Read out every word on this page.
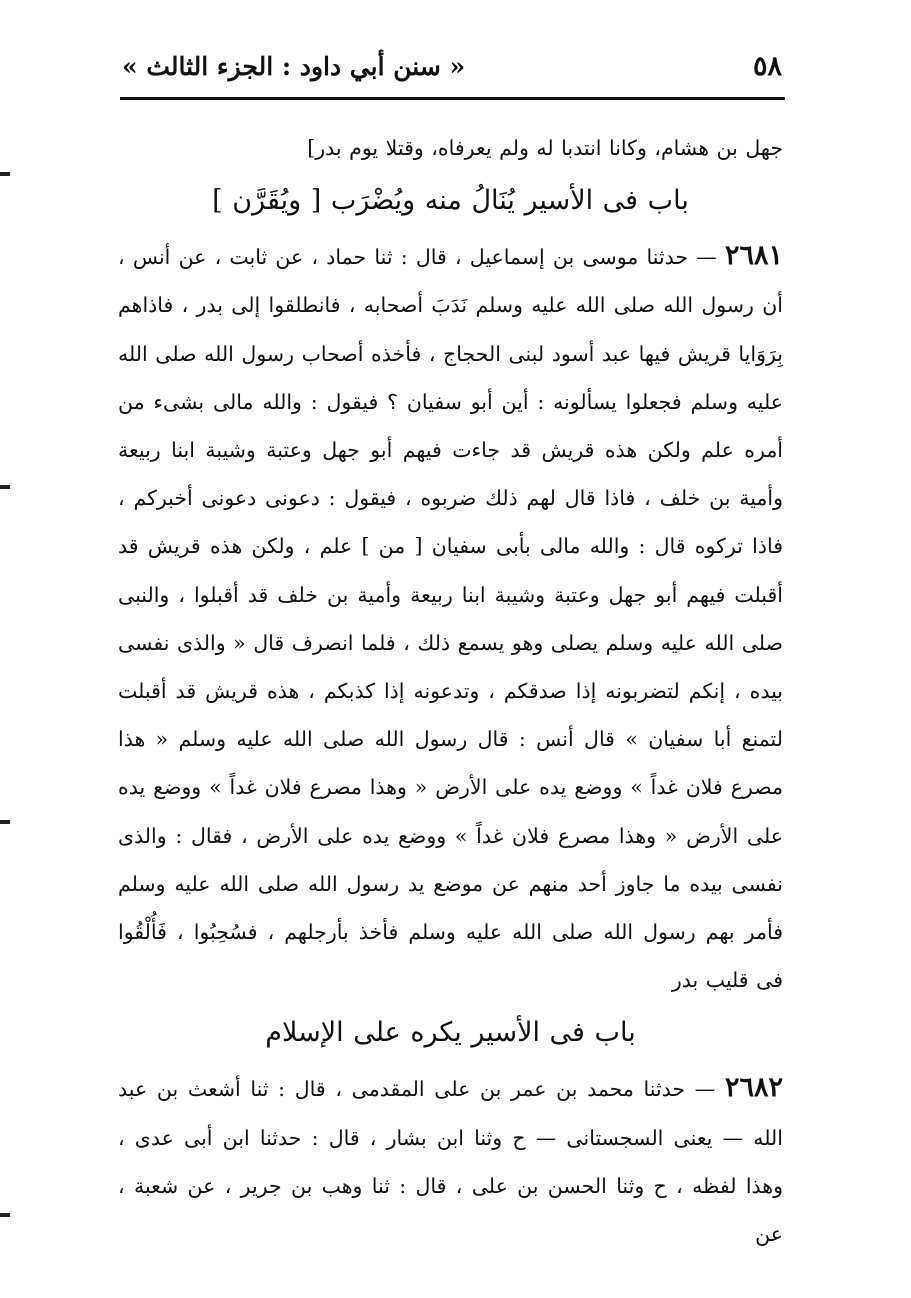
٥٨
« سنن أبي داود : الجزء الثالث »

جهل بن هشام، وكانا انتدبا له ولم يعرفاه، وقتلا يوم بدر]

باب فى الأسير يُنَالُ منه ويُضْرَب [ ويُقَرَّن ]

٢٦٨١ — حدثنا موسى بن إسماعيل ، قال : ثنا حماد ، عن ثابت ، عن أنس ، أن رسول الله صلى الله عليه وسلم نَدَبَ أصحابه ، فانطلقوا إلى بدر ، فاذاهم بِرَوَايا قريش فيها عبد أسود لبنى الحجاج ، فأخذه أصحاب رسول الله صلى الله عليه وسلم فجعلوا يسألونه : أين أبو سفيان ؟ فيقول : والله مالى بشىء من أمره علم ولكن هذه قريش قد جاءت فيهم أبو جهل وعتبة وشيبة ابنا ربيعة وأمية بن خلف ، فاذا قال لهم ذلك ضربوه ، فيقول : دعونى دعونى أخبركم ، فاذا تركوه قال : والله مالى بأبى سفيان [ من ] علم ، ولكن هذه قريش قد أقبلت فيهم أبو جهل وعتبة وشيبة ابنا ربيعة وأمية بن خلف قد أقبلوا ، والنبى صلى الله عليه وسلم يصلى وهو يسمع ذلك ، فلما انصرف قال « والذى نفسى بيده ، إنكم لتضربونه إذا صدقكم ، وتدعونه إذا كذبكم ، هذه قريش قد أقبلت لتمنع أبا سفيان » قال أنس : قال رسول الله صلى الله عليه وسلم « هذا مصرع فلان غداً » ووضع يده على الأرض « وهذا مصرع فلان غداً » ووضع يده على الأرض « وهذا مصرع فلان غداً » ووضع يده على الأرض ، فقال : والذى نفسى بيده ما جاوز أحد منهم عن موضع يد رسول الله صلى الله عليه وسلم فأمر بهم رسول الله صلى الله عليه وسلم فأخذ بأرجلهم ، فسُحِبُوا ، فَأُلْقُوا فى قليب بدر

باب فى الأسير يكره على الإسلام

٢٦٨٢ — حدثنا محمد بن عمر بن على المقدمى ، قال : ثنا أشعث بن عبد الله — يعنى السجستانى — ح وثنا ابن بشار ، قال : حدثنا ابن أبى عدى ، وهذا لفظه ، ح وثنا الحسن بن على ، قال : ثنا وهب بن جرير ، عن شعبة ، عن
